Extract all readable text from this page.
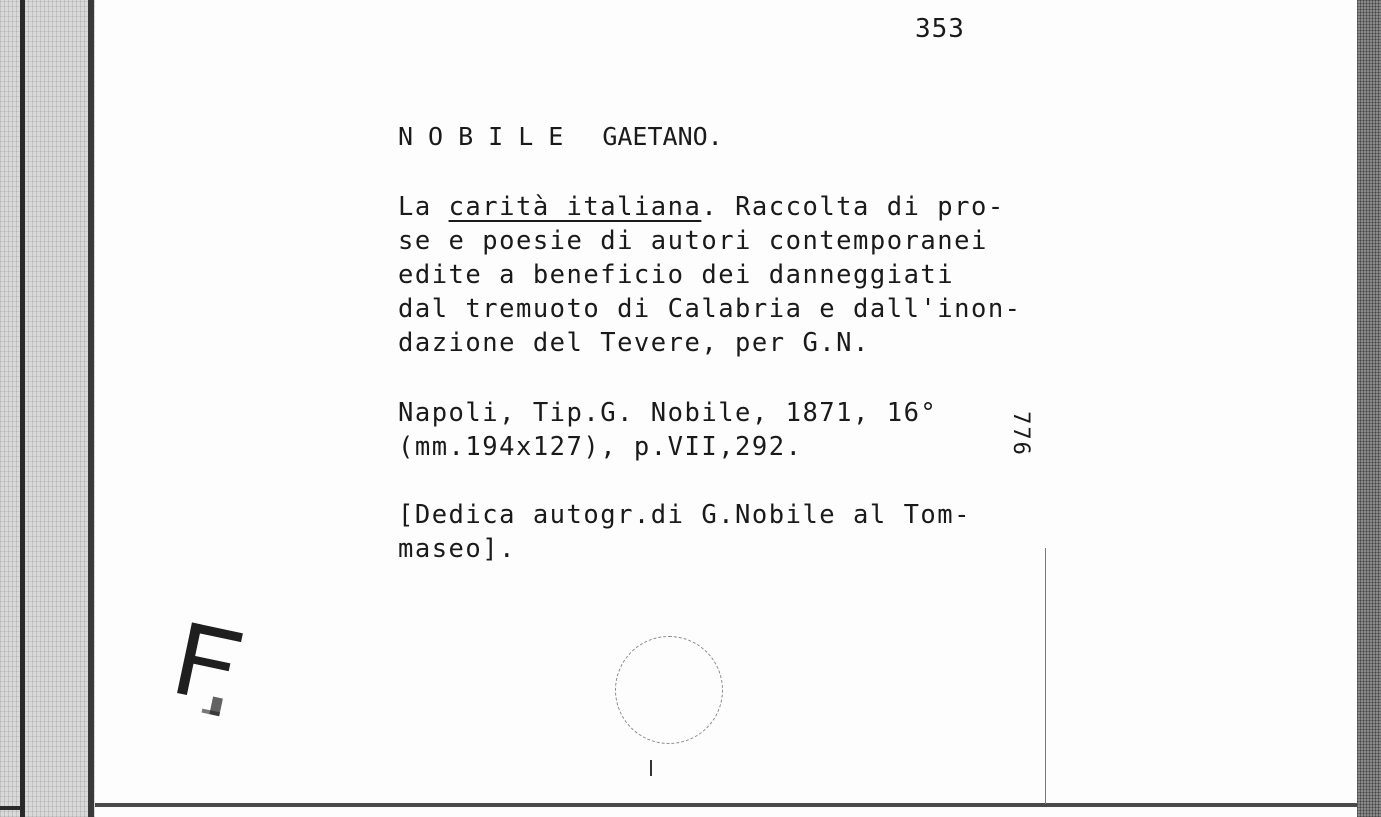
353
NOBILE GAETANO.
La carità italiana. Raccolta di pro-
se e poesie di autori contemporanei
edite a beneficio dei danneggiati
dal tremuoto di Calabria e dall'inon-
dazione del Tevere, per G.N.
Napoli, Tip.G. Nobile, 1871, 16°
(mm.194x127), p.VII,292.	776
[Dedica autogr.di G.Nobile al Tom-
maseo].
